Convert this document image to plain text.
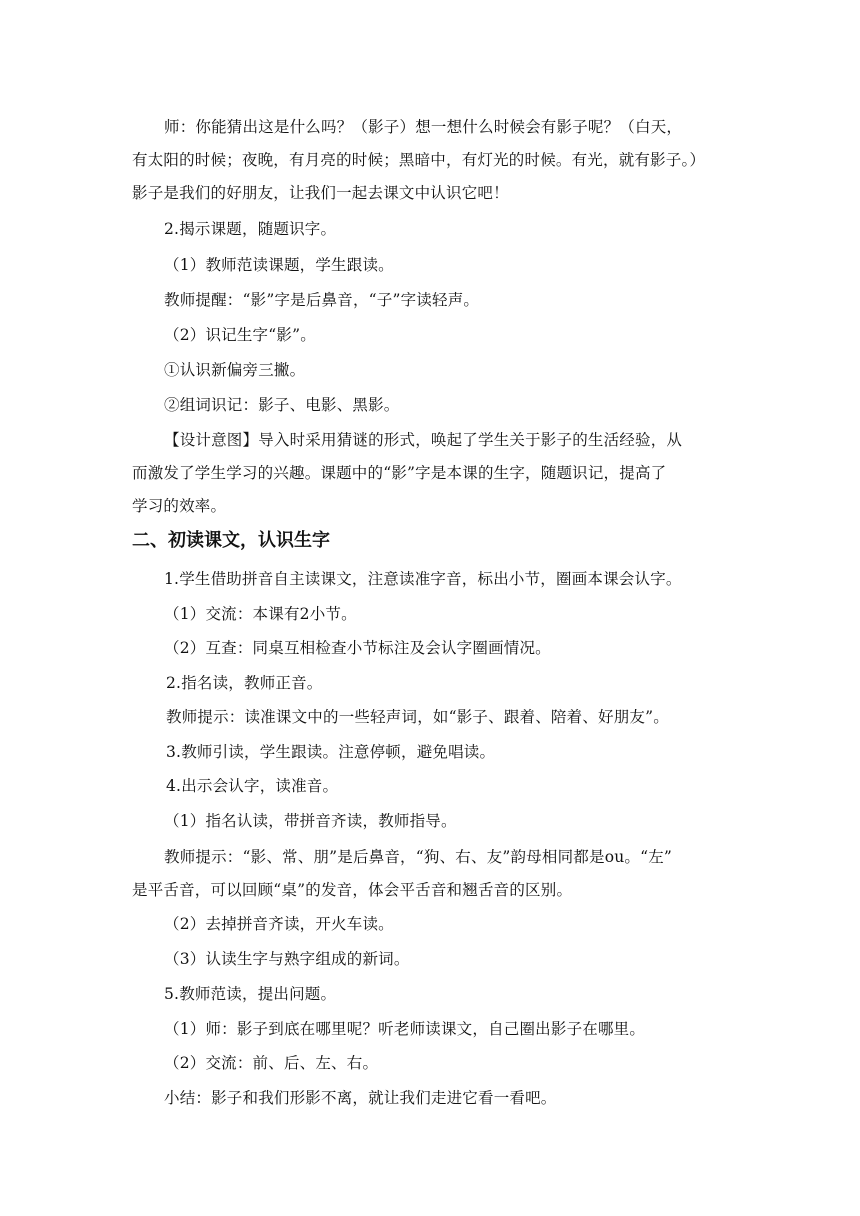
师：你能猜出这是什么吗？（影子）想一想什么时候会有影子呢？（白天，
有太阳的时候；夜晚，有月亮的时候；黑暗中，有灯光的时候。有光，就有影子。）
影子是我们的好朋友，让我们一起去课文中认识它吧！
2.揭示课题，随题识字。
（1）教师范读课题，学生跟读。
教师提醒：“影”字是后鼻音，“子”字读轻声。
（2）识记生字“影”。
①认识新偏旁三撇。
②组词识记：影子、电影、黑影。
【设计意图】导入时采用猜谜的形式，唤起了学生关于影子的生活经验，从
而激发了学生学习的兴趣。课题中的“影”字是本课的生字，随题识记，提高了
学习的效率。
二、初读课文，认识生字
1.学生借助拼音自主读课文，注意读准字音，标出小节，圈画本课会认字。
（1）交流：本课有2小节。
（2）互查：同桌互相检查小节标注及会认字圈画情况。
2.指名读，教师正音。
教师提示：读准课文中的一些轻声词，如“影子、跟着、陪着、好朋友”。
3.教师引读，学生跟读。注意停顿，避免唱读。
4.出示会认字，读准音。
（1）指名认读，带拼音齐读，教师指导。
教师提示：“影、常、朋”是后鼻音，“狗、右、友”韵母相同都是ou。“左”
是平舌音，可以回顾“桌”的发音，体会平舌音和翘舌音的区别。
（2）去掉拼音齐读，开火车读。
（3）认读生字与熟字组成的新词。
5.教师范读，提出问题。
（1）师：影子到底在哪里呢？听老师读课文，自己圈出影子在哪里。
（2）交流：前、后、左、右。
小结：影子和我们形影不离，就让我们走进它看一看吧。
